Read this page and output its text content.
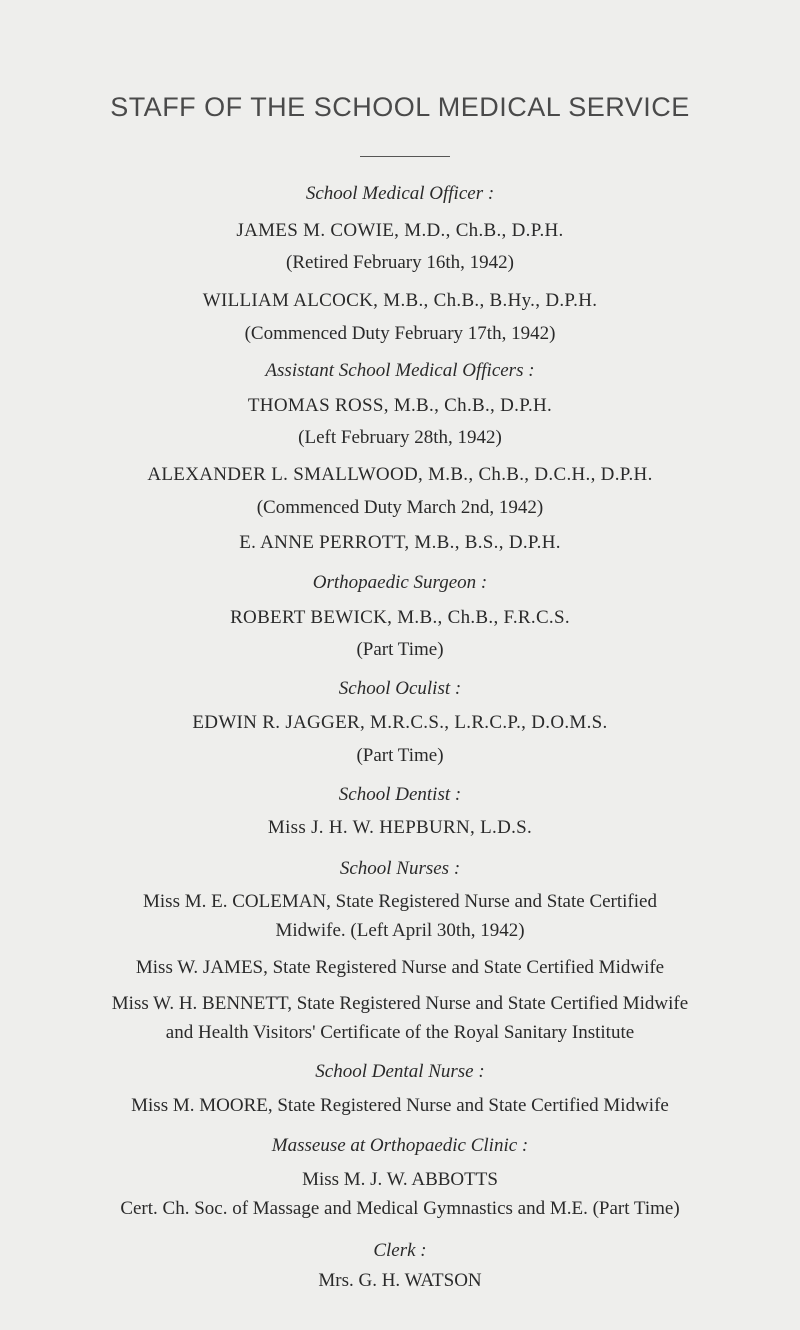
STAFF OF THE SCHOOL MEDICAL SERVICE
School Medical Officer :
JAMES M. COWIE, M.D., Ch.B., D.P.H.
(Retired February 16th, 1942)
WILLIAM ALCOCK, M.B., Ch.B., B.Hy., D.P.H.
(Commenced Duty February 17th, 1942)
Assistant School Medical Officers :
THOMAS ROSS, M.B., Ch.B., D.P.H.
(Left February 28th, 1942)
ALEXANDER L. SMALLWOOD, M.B., Ch.B., D.C.H., D.P.H.
(Commenced Duty March 2nd, 1942)
E. ANNE PERROTT, M.B., B.S., D.P.H.
Orthopaedic Surgeon :
ROBERT BEWICK, M.B., Ch.B., F.R.C.S.
(Part Time)
School Oculist :
EDWIN R. JAGGER, M.R.C.S., L.R.C.P., D.O.M.S.
(Part Time)
School Dentist :
Miss J. H. W. HEPBURN, L.D.S.
School Nurses :
Miss M. E. COLEMAN, State Registered Nurse and State Certified
Midwife. (Left April 30th, 1942)
Miss W. JAMES, State Registered Nurse and State Certified Midwife
Miss W. H. BENNETT, State Registered Nurse and State Certified Midwife
and Health Visitors' Certificate of the Royal Sanitary Institute
School Dental Nurse :
Miss M. MOORE, State Registered Nurse and State Certified Midwife
Masseuse at Orthopaedic Clinic :
Miss M. J. W. ABBOTTS
Cert. Ch. Soc. of Massage and Medical Gymnastics and M.E. (Part Time)
Clerk :
Mrs. G. H. WATSON
